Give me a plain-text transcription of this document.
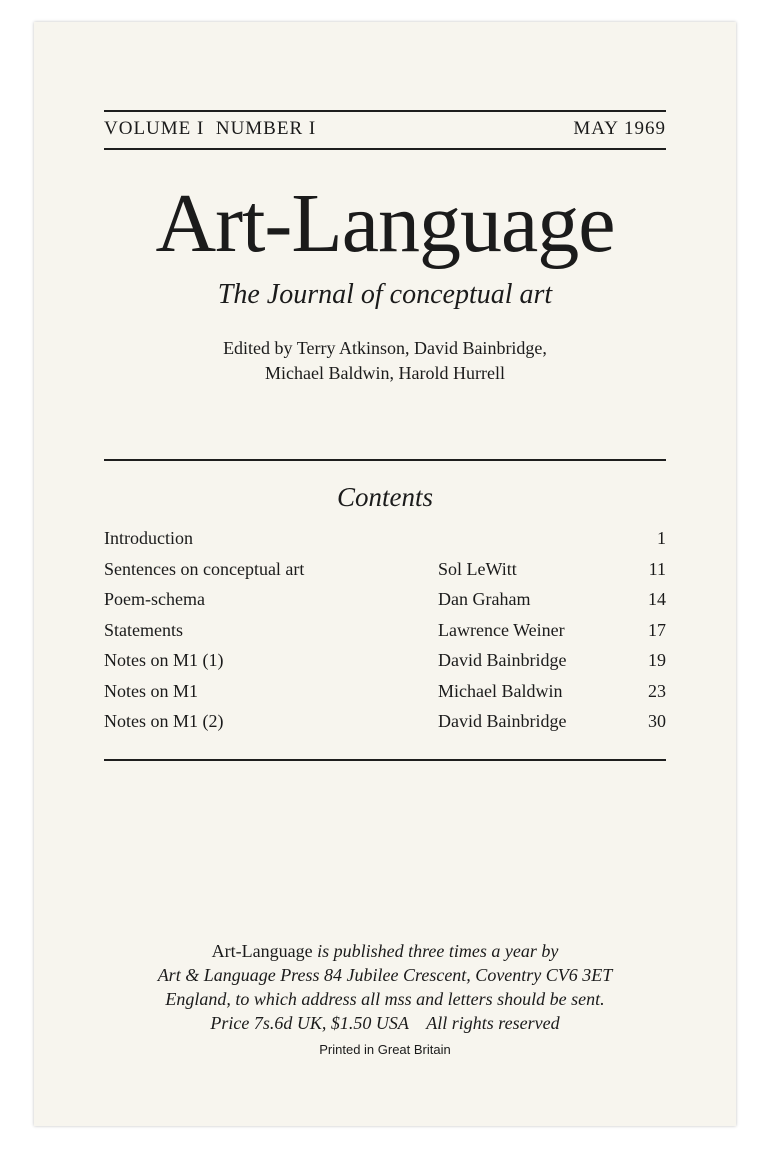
VOLUME I  NUMBER I	MAY 1969
Art-Language
The Journal of conceptual art
Edited by Terry Atkinson, David Bainbridge,
Michael Baldwin, Harold Hurrell
Contents
Introduction	1
Sentences on conceptual art	Sol LeWitt	11
Poem-schema	Dan Graham	14
Statements	Lawrence Weiner	17
Notes on M1 (1)	David Bainbridge	19
Notes on M1	Michael Baldwin	23
Notes on M1 (2)	David Bainbridge	30
Art-Language is published three times a year by
Art & Language Press 84 Jubilee Crescent, Coventry CV6 3ET
England, to which address all mss and letters should be sent.
Price 7s.6d UK, $1.50 USA    All rights reserved
Printed in Great Britain
